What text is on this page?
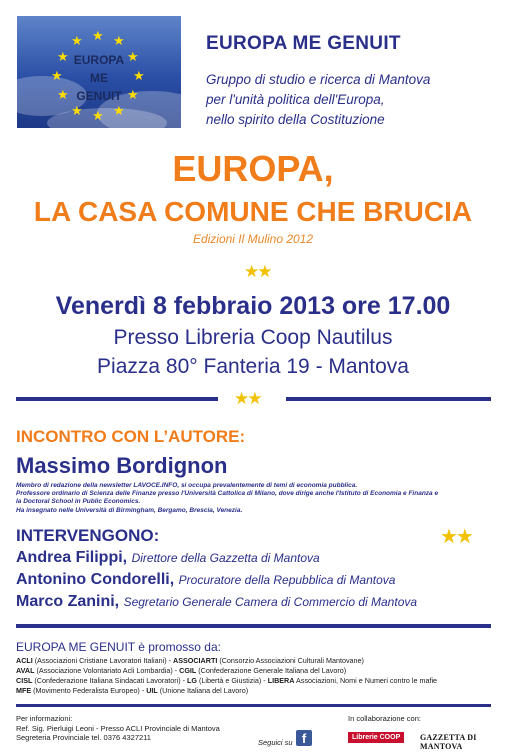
★ ★
★
★	★
★	★
★	★
★ ★
★
EUROPA
ME
GENUIT
EUROPA ME GENUIT
Gruppo di studio e ricerca di Mantova
per l'unità politica dell'Europa,
nello spirito della Costituzione
EUROPA,
LA CASA COMUNE CHE BRUCIA
Edizioni Il Mulino 2012
★★
Venerdì 8 febbraio 2013 ore 17.00
Presso Libreria Coop Nautilus
Piazza 80° Fanteria 19 - Mantova
★★
INCONTRO CON L’AUTORE:
Massimo Bordignon
Membro di redazione della newsletter LAVOCE.INFO, si occupa prevalentemente di temi di economia pubblica.
Professore ordinario di Scienza delle Finanze presso l'Università Cattolica di Milano, dove dirige anche l'Istituto di Economia e Finanza e
la Doctoral School in Public Economics.
Ha insegnato nelle Università di Birmingham, Bergamo, Brescia, Venezia.
INTERVENGONO:	★★
Andrea Filippi, Direttore della Gazzetta di Mantova
Antonino Condorelli, Procuratore della Repubblica di Mantova
Marco Zanini, Segretario Generale Camera di Commercio di Mantova
EUROPA ME GENUIT è promosso da:
ACLI (Associazioni Cristiane Lavoratori Italiani) - ASSOCIARTI (Consorzio Associazioni Culturali Mantovane)
AVAL (Associazione Volontariato Acli Lombardia) - CGIL (Confederazione Generale Italiana del Lavoro)
CISL (Confederazione Italiana Sindacati Lavoratori) - LG (Libertà e Giustizia) - LIBERA Associazioni, Nomi e Numeri contro le mafie
MFE (Movimento Federalista Europeo) - UIL (Unione Italiana del Lavoro)
Per informazioni:
Ref. Sig. Pierluigi Leoni - Presso ACLI Provinciale di Mantova
Segreteria Provinciale tel. 0376 4327211
Seguici su f
In collaborazione con:
Librerie COOP	GAZZETTA DI MANTOVA
